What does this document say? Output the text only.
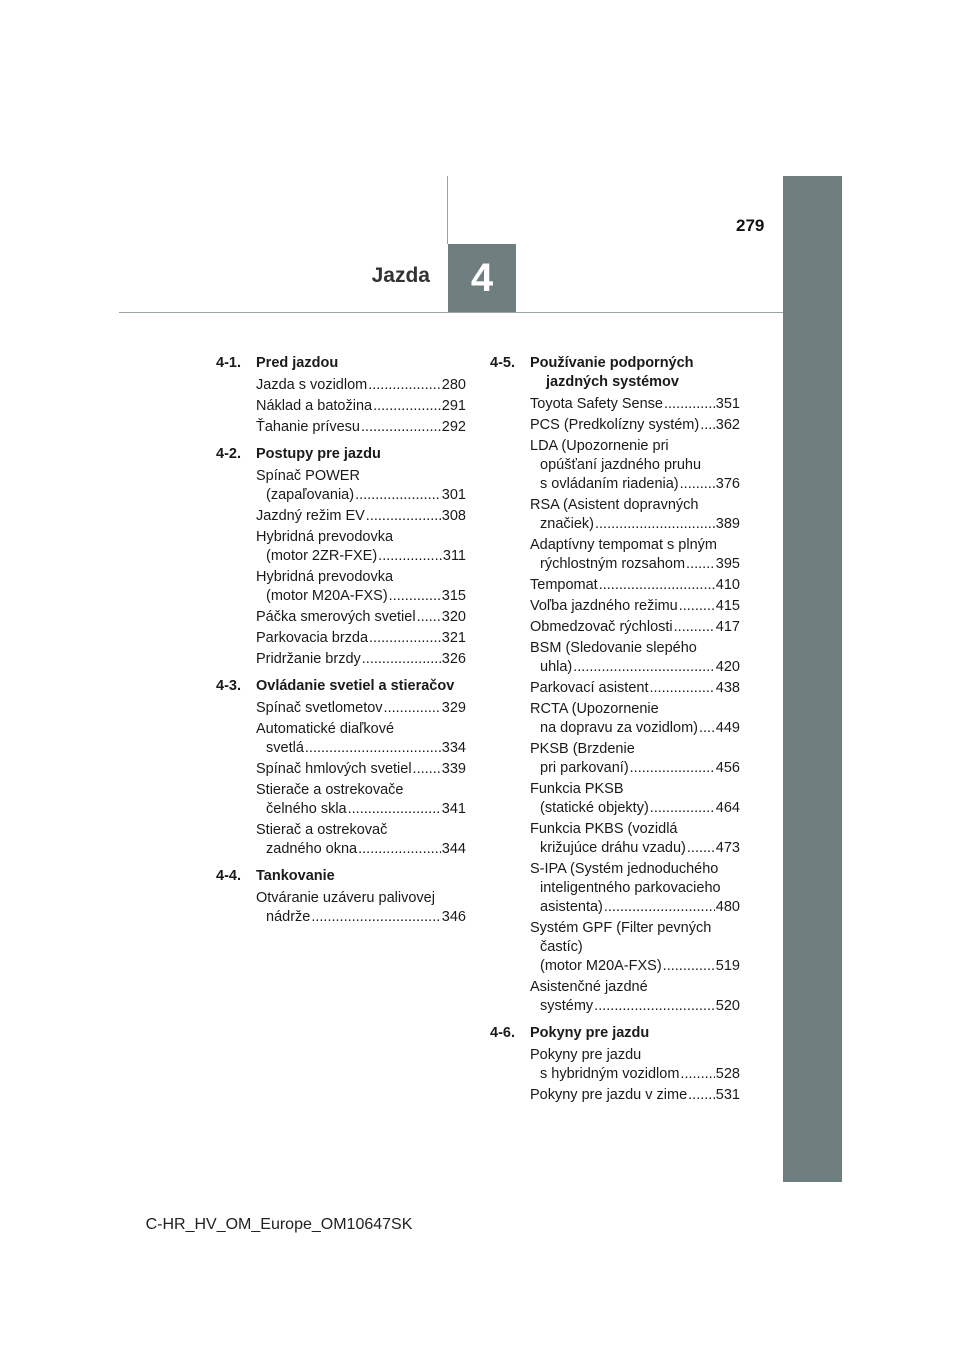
4
Jazda
279
4-1.	Pred jazdou
Jazda s vozidlom .....	280
Náklad a batožina .....	291
Ťahanie prívesu .....	292
4-2.	Postupy pre jazdu
Spínač POWER
(zapaľovania) .....	301
Jazdný režim EV .....	308
Hybridná prevodovka
(motor 2ZR-FXE) .....	311
Hybridná prevodovka
(motor M20A-FXS) .....	315
Páčka smerových svetiel ..... 320
Parkovacia brzda .....	321
Pridržanie brzdy .....	326
4-3.	Ovládanie svetiel a stieračov
Spínač svetlometov .....	329
Automatické diaľkové
svetlá .....	334
Spínač hmlových svetiel ..... 339
Stierače a ostrekovače
čelného skla .....	341
Stierač a ostrekovač
zadného okna .....	344
4-4.	Tankovanie
Otváranie uzáveru palivovej
nádrže .....	346
4-5.	Používanie podporných
jazdných systémov
Toyota Safety Sense .....	351
PCS (Predkolízny systém) ..... 362
LDA (Upozornenie pri
opúšťaní jazdného pruhu
s ovládaním riadenia) .....	376
RSA (Asistent dopravných
značiek) .....	389
Adaptívny tempomat s plným
rýchlostným rozsahom ..... 395
Tempomat .....	410
Voľba jazdného režimu .....	415
Obmedzovač rýchlosti .....	417
BSM (Sledovanie slepého
uhla) .....	420
Parkovací asistent .....	438
RCTA (Upozornenie
na dopravu za vozidlom) ..... 449
PKSB (Brzdenie
pri parkovaní) .....	456
Funkcia PKSB
(statické objekty) .....	464
Funkcia PKBS (vozidlá
križujúce dráhu vzadu) ..... 473
S-IPA (Systém jednoduchého
inteligentného parkovacieho
asistenta) .....	480
Systém GPF (Filter pevných
častíc)
(motor M20A-FXS) .....	519
Asistenčné jazdné
systémy .....	520
4-6.	Pokyny pre jazdu
Pokyny pre jazdu
s hybridným vozidlom .....	528
Pokyny pre jazdu v zime ..... 531
C-HR_HV_OM_Europe_OM10647SK
